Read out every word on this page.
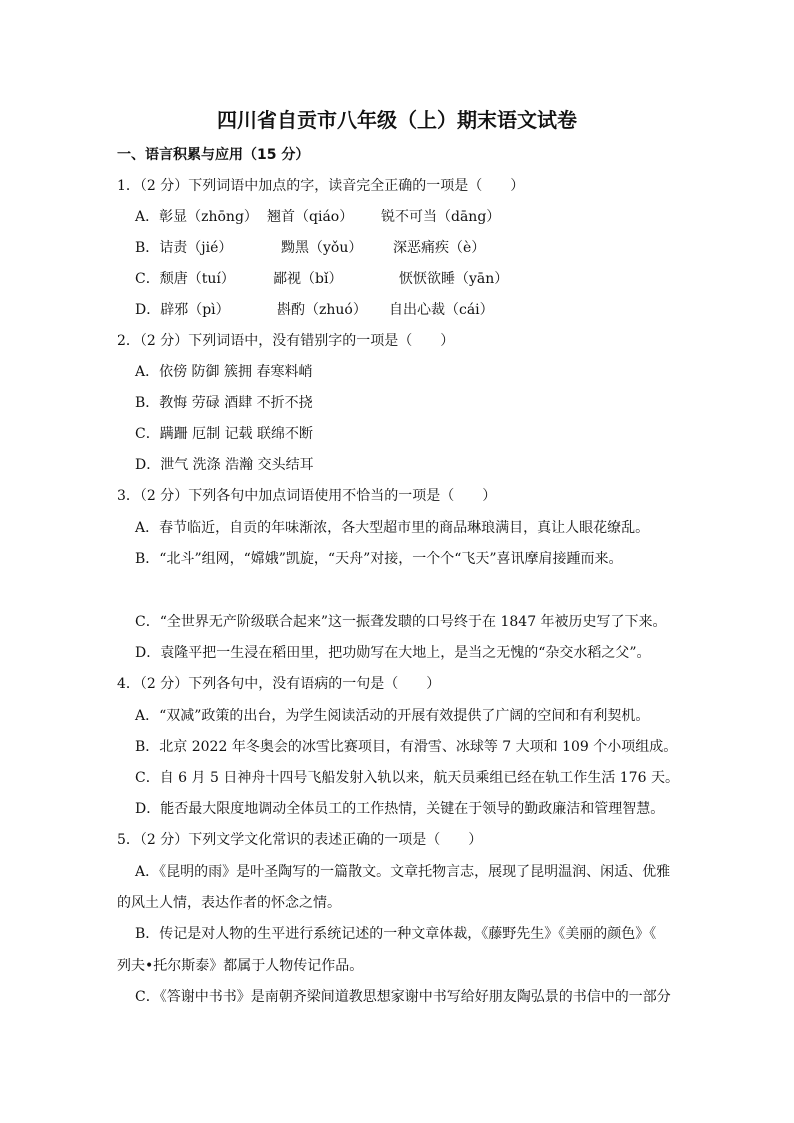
四川省自贡市八年级（上）期末语文试卷
一、语言积累与应用（15 分）
1．（2 分）下列词语中加点的字，读音完全正确的一项是（　　）
A．彰显（zhōng） 翘首（qiáo） 锐不可当（dāng）
B．诘责（jié）	黝黑（yǒu） 深恶痛疾（è）
C．颓唐（tuí）	鄙视（bǐ）	恹恹欲睡（yān）
D．辟邪（pì）	斟酌（zhuó） 自出心裁（cái）
2．（2 分）下列词语中，没有错别字的一项是（　　）
A．依傍 防御 簇拥 春寒料峭
B．教悔 劳碌 酒肆 不折不挠
C．蹒跚 厄制 记载 联绵不断
D．泄气 洗涤 浩瀚 交头结耳
3．（2 分）下列各句中加点词语使用不恰当的一项是（　　）
A．春节临近，自贡的年味渐浓，各大型超市里的商品琳琅满目，真让人眼花缭乱。
B．“北斗”组网，“嫦娥”凯旋，“天舟”对接，一个个“飞天”喜讯摩肩接踵而来。
C．“全世界无产阶级联合起来”这一振聋发聩的口号终于在 1847 年被历史写了下来。
D．袁隆平把一生浸在稻田里，把功勋写在大地上，是当之无愧的“杂交水稻之父”。
4．（2 分）下列各句中，没有语病的一句是（　　）
A．“双减”政策的出台，为学生阅读活动的开展有效提供了广阔的空间和有利契机。
B．北京 2022 年冬奥会的冰雪比赛项目，有滑雪、冰球等 7 大项和 109 个小项组成。
C．自 6 月 5 日神舟十四号飞船发射入轨以来，航天员乘组已经在轨工作生活 176 天。
D．能否最大限度地调动全体员工的工作热情，关键在于领导的勤政廉洁和管理智慧。
5．（2 分）下列文学文化常识的表述正确的一项是（　　）
A．《昆明的雨》是叶圣陶写的一篇散文。文章托物言志，展现了昆明温润、闲适、优雅
的风土人情，表达作者的怀念之情。
B．传记是对人物的生平进行系统记述的一种文章体裁，《藤野先生》《美丽的颜色》《
列夫•托尔斯泰》都属于人物传记作品。
C．《答谢中书书》是南朝齐梁间道教思想家谢中书写给好朋友陶弘景的书信中的一部分
